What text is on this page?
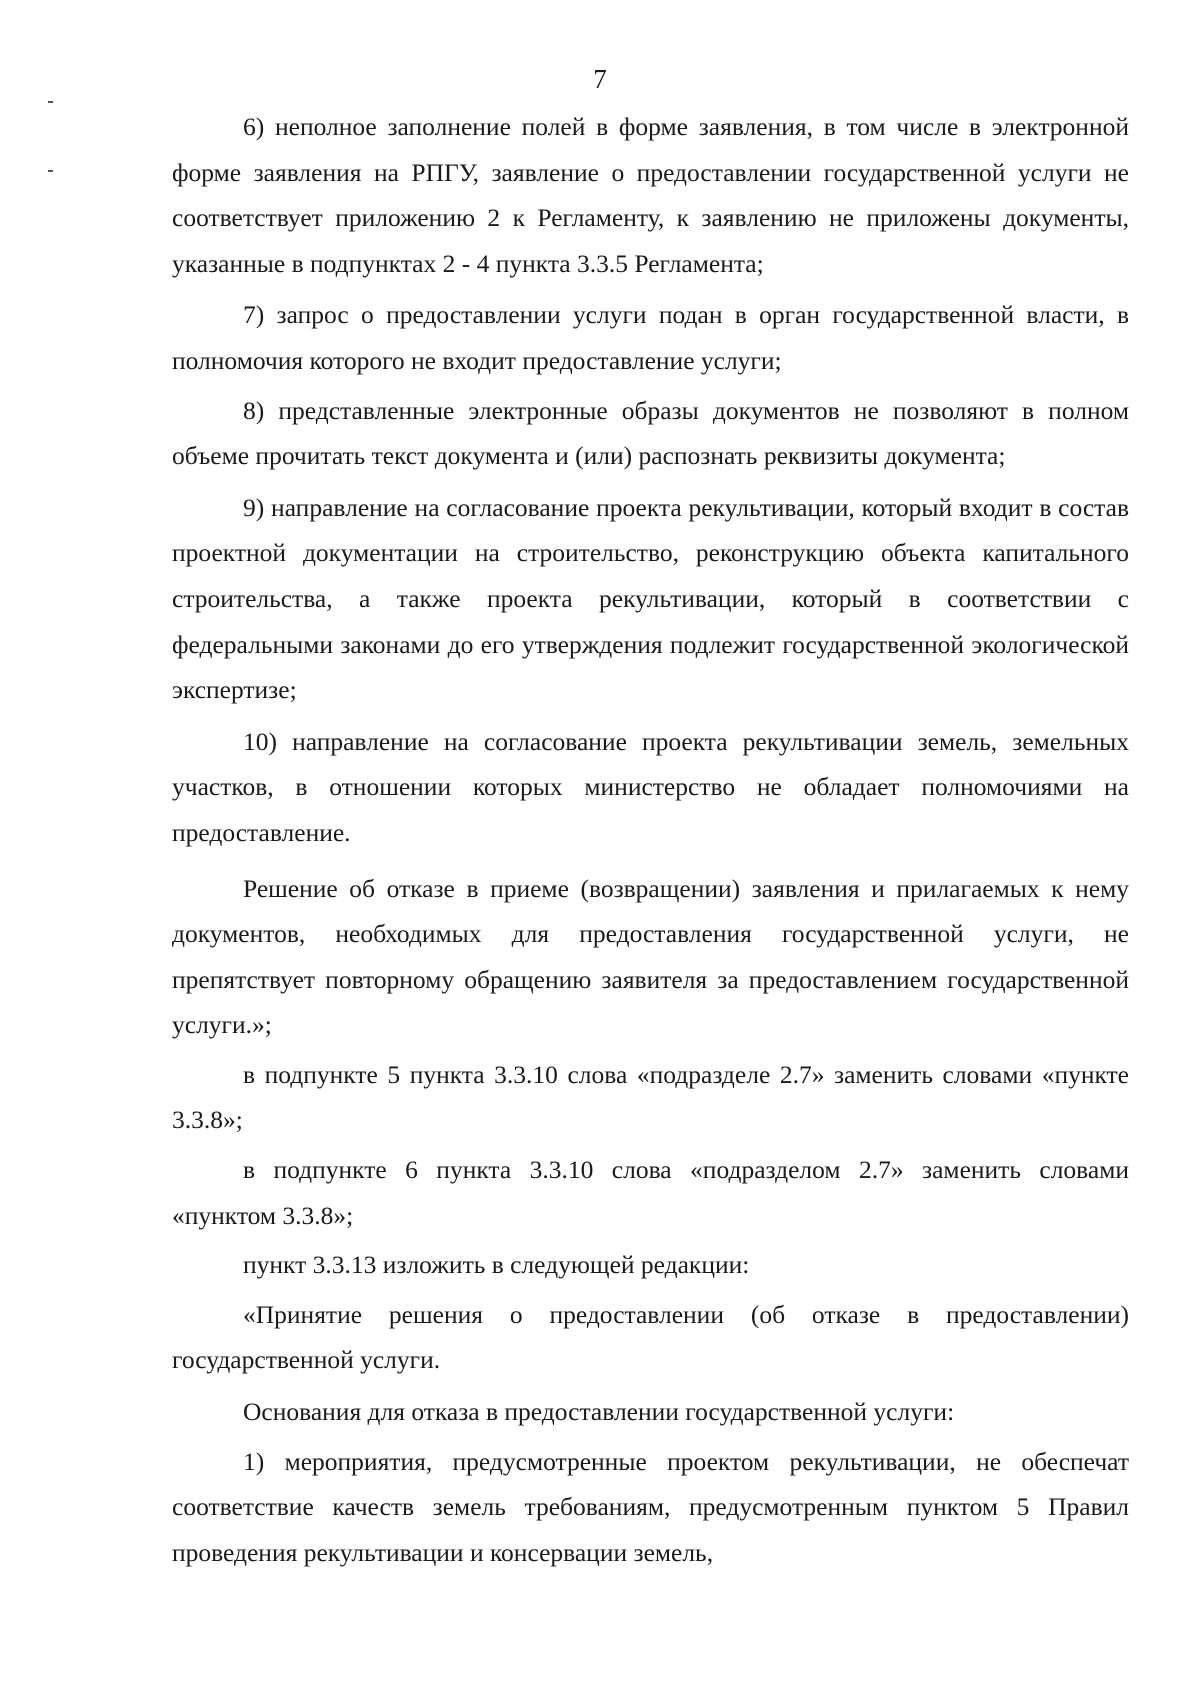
7

6) неполное заполнение полей в форме заявления, в том числе в электронной форме заявления на РПГУ, заявление о предоставлении государственной услуги не соответствует приложению 2 к Регламенту, к заявлению не приложены документы, указанные в подпунктах 2 - 4 пункта 3.3.5 Регламента;

7) запрос о предоставлении услуги подан в орган государственной власти, в полномочия которого не входит предоставление услуги;

8) представленные электронные образы документов не позволяют в полном объеме прочитать текст документа и (или) распознать реквизиты документа;

9) направление на согласование проекта рекультивации, который входит в состав проектной документации на строительство, реконструкцию объекта капитального строительства, а также проекта рекультивации, который в соответствии с федеральными законами до его утверждения подлежит государственной экологической экспертизе;

10) направление на согласование проекта рекультивации земель, земельных участков, в отношении которых министерство не обладает полномочиями на предоставление.

Решение об отказе в приеме (возвращении) заявления и прилагаемых к нему документов, необходимых для предоставления государственной услуги, не препятствует повторному обращению заявителя за предоставлением государственной услуги.»;

в подпункте 5 пункта 3.3.10 слова «подразделе 2.7» заменить словами «пункте 3.3.8»;

в подпункте 6 пункта 3.3.10 слова «подразделом 2.7» заменить словами «пунктом 3.3.8»;

пункт 3.3.13 изложить в следующей редакции:

«Принятие решения о предоставлении (об отказе в предоставлении) государственной услуги.

Основания для отказа в предоставлении государственной услуги:

1) мероприятия, предусмотренные проектом рекультивации, не обеспечат соответствие качеств земель требованиям, предусмотренным пунктом 5 Правил проведения рекультивации и консервации земель,
